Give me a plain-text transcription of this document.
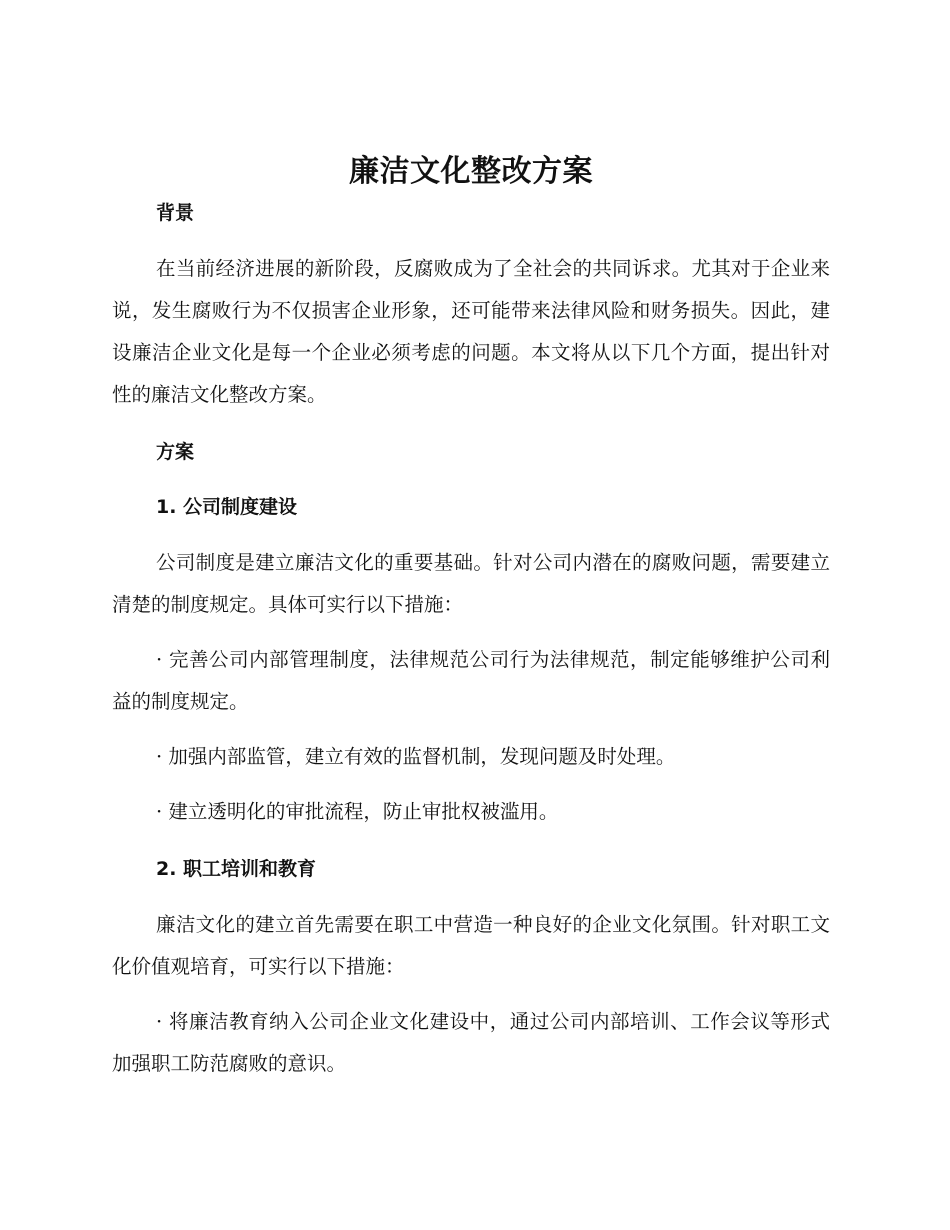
廉洁文化整改方案
背景

在当前经济进展的新阶段，反腐败成为了全社会的共同诉求。尤其对于企业来说，发生腐败行为不仅损害企业形象，还可能带来法律风险和财务损失。因此，建设廉洁企业文化是每一个企业必须考虑的问题。本文将从以下几个方面，提出针对性的廉洁文化整改方案。

方案
1. 公司制度建设

公司制度是建立廉洁文化的重要基础。针对公司内潜在的腐败问题，需要建立清楚的制度规定。具体可实行以下措施：

· 完善公司内部管理制度，法律规范公司行为法律规范，制定能够维护公司利益的制度规定。

· 加强内部监管，建立有效的监督机制，发现问题及时处理。

· 建立透明化的审批流程，防止审批权被滥用。

2. 职工培训和教育

廉洁文化的建立首先需要在职工中营造一种良好的企业文化氛围。针对职工文化价值观培育，可实行以下措施：

· 将廉洁教育纳入公司企业文化建设中，通过公司内部培训、工作会议等形式加强职工防范腐败的意识。
